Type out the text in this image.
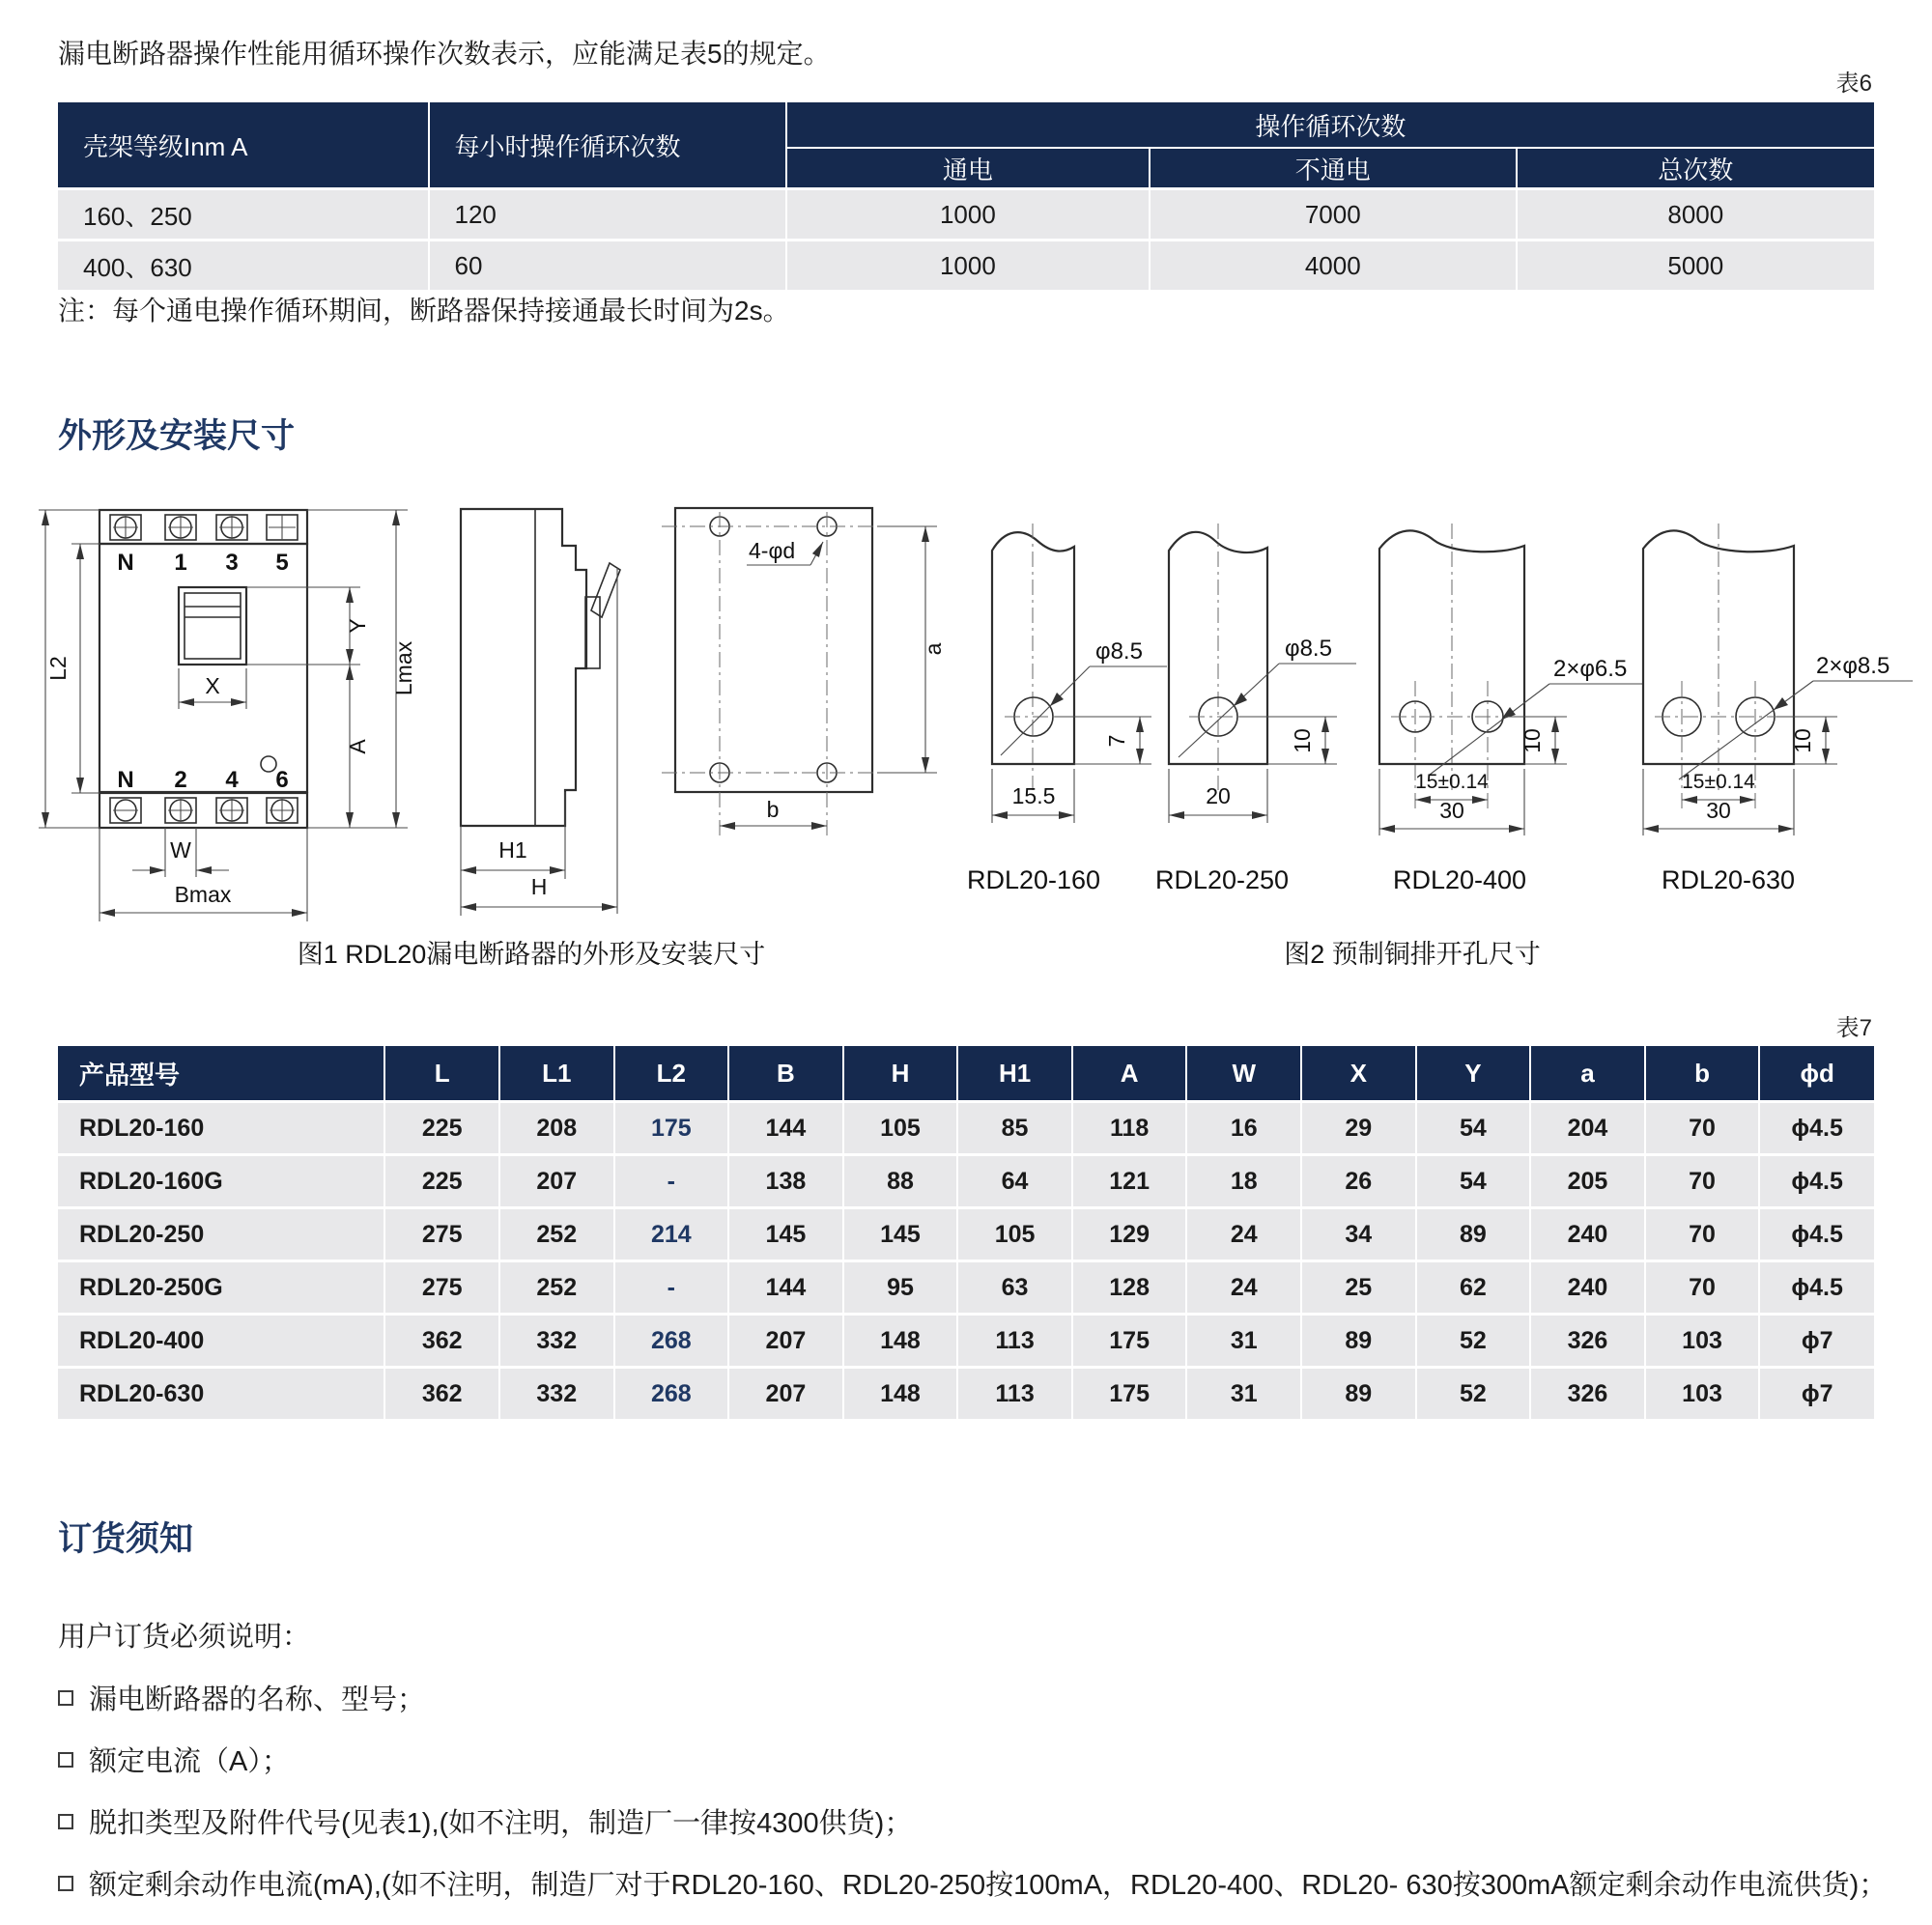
漏电断路器操作性能用循环操作次数表示，应能满足表5的规定。
表6
壳架等级Inm A	每小时操作循环次数	操作循环次数		
		通电	不通电	总次数
160、250	120	1000	7000	8000
400、630	60	1000	4000	5000
注：每个通电操作循环期间，断路器保持接通最长时间为2s。
外形及安装尺寸
N 1 3 5
X
N 2 4 6
L2
Y
A
Lmax
W
Bmax
H1
H
4-φd
a
b
φ8.5
7
15.5
RDL20-160
φ8.5
10
20
RDL20-250
2×φ6.5
10
15±0.14
30
RDL20-400
2×φ8.5
10
15±0.14
30
RDL20-630
图1 RDL20漏电断路器的外形及安装尺寸	图2 预制铜排开孔尺寸
表7
产品型号	L	L1	L2	B	H	H1	A	W	X	Y	a	b	ϕd
RDL20-160	225	208	175	144	105	85	118	16	29	54	204	70	ϕ4.5
RDL20-160G	225	207	-	138	88	64	121	18	26	54	205	70	ϕ4.5
RDL20-250	275	252	214	145	145	105	129	24	34	89	240	70	ϕ4.5
RDL20-250G	275	252	-	144	95	63	128	24	25	62	240	70	ϕ4.5
RDL20-400	362	332	268	207	148	113	175	31	89	52	326	103	ϕ7
RDL20-630	362	332	268	207	148	113	175	31	89	52	326	103	ϕ7
订货须知

用户订货必须说明：

漏电断路器的名称、型号；
额定电流（A）；
脱扣类型及附件代号(见表1),(如不注明，制造厂一律按4300供货)；
额定剩余动作电流(mA),(如不注明，制造厂对于RDL20-160、RDL20-250按100mA，RDL20-400、RDL20- 630按300mA额定剩余动作电流供货)；
